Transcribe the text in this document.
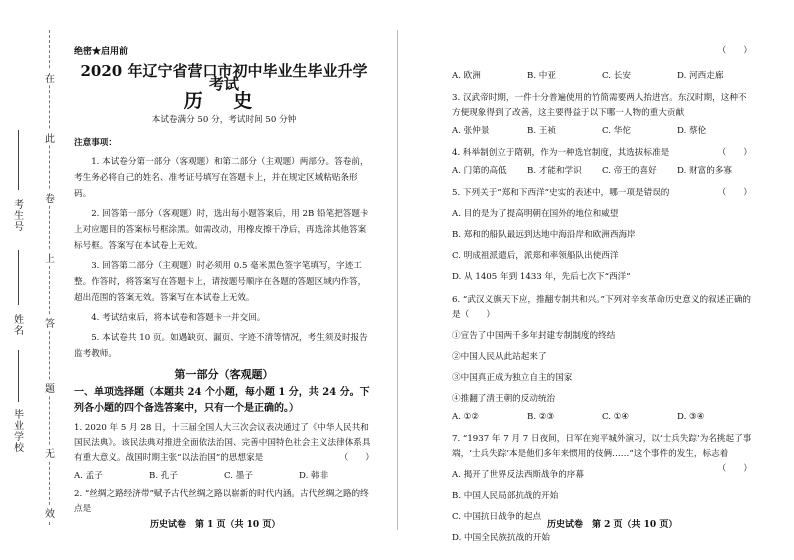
在
此
卷
上
答
题
无
效
考生号
姓名
毕业学校
绝密★启用前
2020 年辽宁省营口市初中毕业生毕业升学考试
历 史
本试卷满分 50 分，考试时间 50 分钟
注意事项：
1. 本试卷分第一部分（客观题）和第二部分（主观题）两部分。答卷前，考生务必将自己的姓名、准考证号填写在答题卡上，并在规定区域粘贴条形码。
2. 回答第一部分（客观题）时，选出每小题答案后，用 2B 铅笔把答题卡上对应题目的答案标号框涂黑。如需改动，用橡皮擦干净后，再选涂其他答案标号框。答案写在本试卷上无效。
3. 回答第二部分（主观题）时必须用 0.5 毫米黑色签字笔填写，字迹工整。作答时，将答案写在答题卡上，请按题号顺序在各题的答题区域内作答，超出范围的答案无效。答案写在本试卷上无效。
4. 考试结束后，将本试卷和答题卡一并交回。
5. 本试卷共 10 页。如遇缺页、漏页、字迹不清等情况，考生须及时报告监考教师。
第一部分（客观题）
一、单项选择题（本题共 24 个小题，每小题 1 分，共 24 分。下列各小题的四个备选答案中，只有一个是正确的。）
1. 2020 年 5 月 28 日，十三届全国人大三次会议表决通过了《中华人民共和国民法典》。该民法典对推进全面依法治国、完善中国特色社会主义法律体系具有重大意义。战国时期主张“以法治国”的思想家是	（　　）
A. 孟子	B. 孔子	C. 墨子	D. 韩非
2. “丝绸之路经济带”赋予古代丝绸之路以崭新的时代内涵。古代丝绸之路的终点是
历史试卷　第 1 页（共 10 页）
（　　）
A. 欧洲	B. 中亚	C. 长安	D. 河西走廊
3. 汉武帝时期，一件十分普遍使用的竹简需要两人抬进宫。东汉时期，这种不方便现象得到了改善，这主要得益于以下哪一人物的重大贡献
A. 张仲景	B. 王祯	C. 华佗	D. 蔡伦
4. 科举制创立于隋朝，作为一种选官制度，其选拔标准是	（　　）
A. 门第的高低	B. 才能和学识	C. 帝王的喜好	D. 财富的多寡
5. 下列关于“郑和下西洋”史实的表述中，哪一项是错误的	（　　）
A. 目的是为了提高明朝在国外的地位和威望
B. 郑和的船队最远到达地中海沿岸和欧洲西海岸
C. 明成祖派遣后，派郑和率领船队出使西洋
D. 从 1405 年到 1433 年，先后七次下“西洋”
6. “武汉义旗天下应，推翻专制共和兴。”下列对辛亥革命历史意义的叙述正确的是（　　）
①宣告了中国两千多年封建专制制度的终结
②中国人民从此站起来了
③中国真正成为独立自主的国家
④推翻了清王朝的反动统治
A. ①②	B. ②③	C. ①④	D. ③④
7. “1937 年 7 月 7 日夜间，日军在宛平城外演习，以‘士兵失踪’为名挑起了事端，‘士兵失踪’本是他们多年来惯用的伎俩……”这个事件的发生，标志着
（　　）
A. 揭开了世界反法西斯战争的序幕
B. 中国人民局部抗战的开始
C. 中国抗日战争的起点
D. 中国全民族抗战的开始
历史试卷　第 2 页（共 10 页）
